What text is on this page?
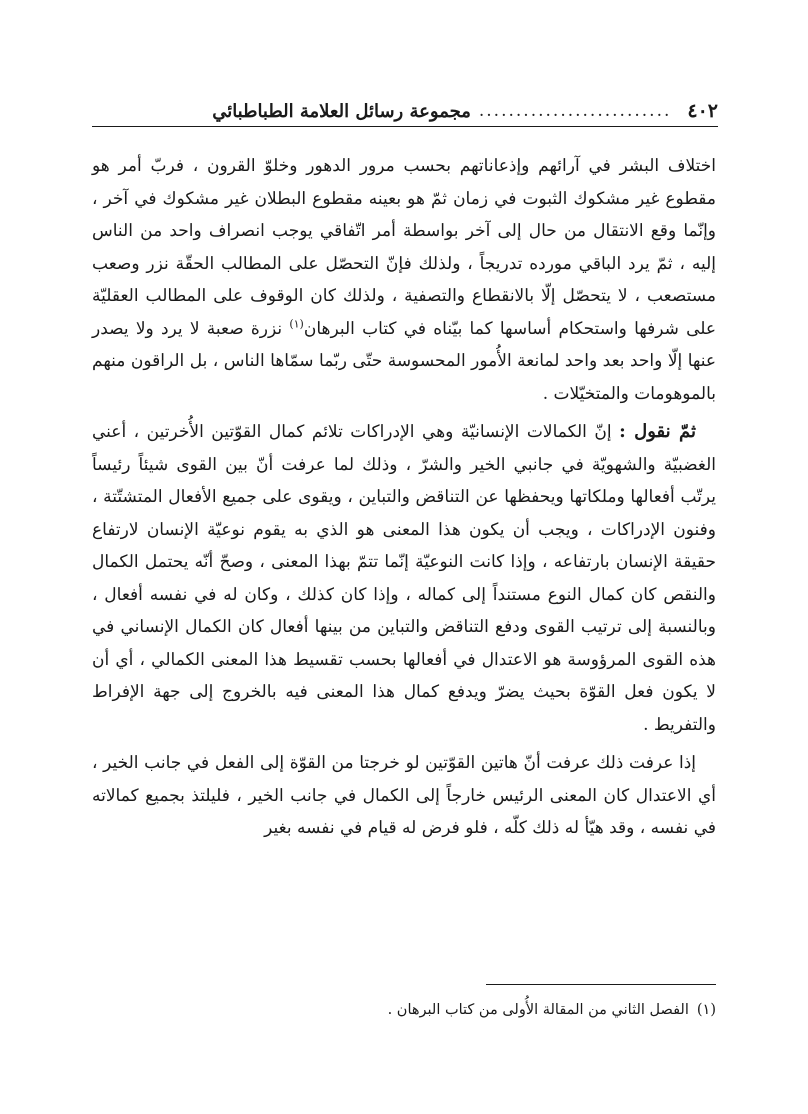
٤٠٢
..........................
مجموعة رسائل العلامة الطباطبائي

اختلاف البشر في آرائهم وإذعاناتهم بحسب مرور الدهور وخلوّ القرون ، فربّ أمر هو مقطوع غير مشكوك الثبوت في زمان ثمّ هو بعينه مقطوع البطلان غير مشكوك في آخر ، وإنّما وقع الانتقال من حال إلى آخر بواسطة أمر اتّفاقي يوجب انصراف واحد من الناس إليه ، ثمّ يرد الباقي مورده تدريجاً ، ولذلك فإنّ التحصّل على المطالب الحقّة نزر وصعب مستصعب ، لا يتحصّل إلّا بالانقطاع والتصفية ، ولذلك كان الوقوف على المطالب العقليّة على شرفها واستحكام أساسها كما بيّناه في كتاب البرهان$^{(١)}$ نزرة صعبة لا يرد ولا يصدر عنها إلّا واحد بعد واحد لمانعة الأُمور المحسوسة حتّى ربّما سمّاها الناس ، بل الراقون منهم بالموهومات والمتخيّلات .

ثمّ نقول : إنّ الكمالات الإنسانيّة وهي الإدراكات تلائم كمال القوّتين الأُخرتين ، أعني الغضبيّة والشهويّة في جانبي الخير والشرّ ، وذلك لما عرفت أنّ بين القوى شيئاً رئيساً يرتّب أفعالها وملكاتها ويحفظها عن التناقض والتباين ، ويقوى على جميع الأفعال المتشتّتة ، وفنون الإدراكات ، ويجب أن يكون هذا المعنى هو الذي به يقوم نوعيّة الإنسان لارتفاع حقيقة الإنسان بارتفاعه ، وإذا كانت النوعيّة إنّما تتمّ بهذا المعنى ، وصحّ أنّه يحتمل الكمال والنقص كان كمال النوع مستنداً إلى كماله ، وإذا كان كذلك ، وكان له في نفسه أفعال ، وبالنسبة إلى ترتيب القوى ودفع التناقض والتباين من بينها أفعال كان الكمال الإنساني في هذه القوى المرؤوسة هو الاعتدال في أفعالها بحسب تقسيط هذا المعنى الكمالي ، أي أن لا يكون فعل القوّة بحيث يضرّ ويدفع كمال هذا المعنى فيه بالخروج إلى جهة الإفراط والتفريط .

إذا عرفت ذلك عرفت أنّ هاتين القوّتين لو خرجتا من القوّة إلى الفعل في جانب الخير ، أي الاعتدال كان المعنى الرئيس خارجاً إلى الكمال في جانب الخير ، فليلتذ بجميع كمالاته في نفسه ، وقد هيّأ له ذلك كلّه ، فلو فرض له قيام في نفسه بغير

(١)الفصل الثاني من المقالة الأُولى من كتاب البرهان .
